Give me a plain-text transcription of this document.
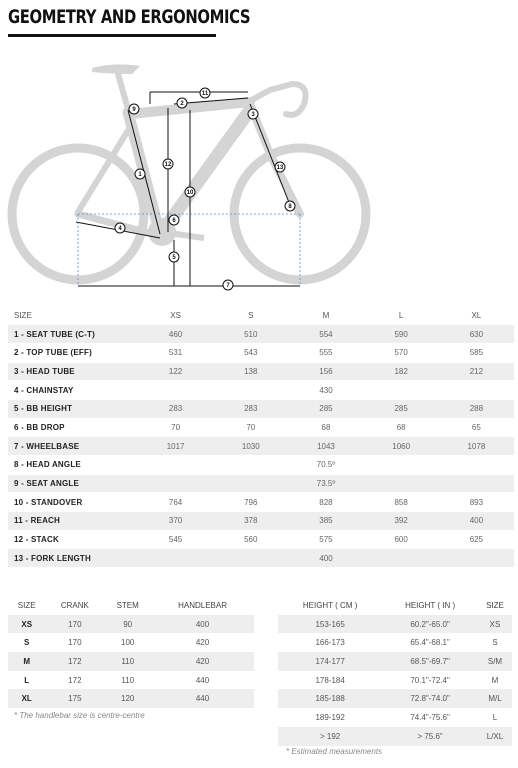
GEOMETRY AND ERGONOMICS
1
2
3
4
5
6
7
8
9
10
11
12	13
SIZE	XS	S	M	L	XL
1 - SEAT TUBE (C-T)	460	510	554	590	630
2 - TOP TUBE (EFF)	531	543	555	570	585
3 - HEAD TUBE	122	138	156	182	212
4 - CHAINSTAY	430				
5 - BB HEIGHT	283	283	285	285	288
6 - BB DROP	70	70	68	68	65
7 - WHEELBASE	1017	1030	1043	1060	1078
8 - HEAD ANGLE	70.5º				
9 - SEAT ANGLE	73.5º				
10 - STANDOVER	764	796	828	858	893
11 - REACH	370	378	385	392	400
12 - STACK	545	560	575	600	625
13 - FORK LENGTH	400				
SIZE	CRANK	STEM	HANDLEBAR
XS	170	90	400
S	170	100	420
M	172	110	420
L	172	110	440
XL	175	120	440
* The handlebar size is centre-centre
HEIGHT ( CM )	HEIGHT ( IN )	SIZE
153-165	60.2"-65.0"	XS
166-173	65.4"-68.1"	S
174-177	68.5"-69.7"	S/M
178-184	70.1"-72.4"	M
185-188	72.8"-74.0"	M/L
189-192	74.4"-75.6"	L
> 192	> 75.6"	L/XL
* Estimated measurements
